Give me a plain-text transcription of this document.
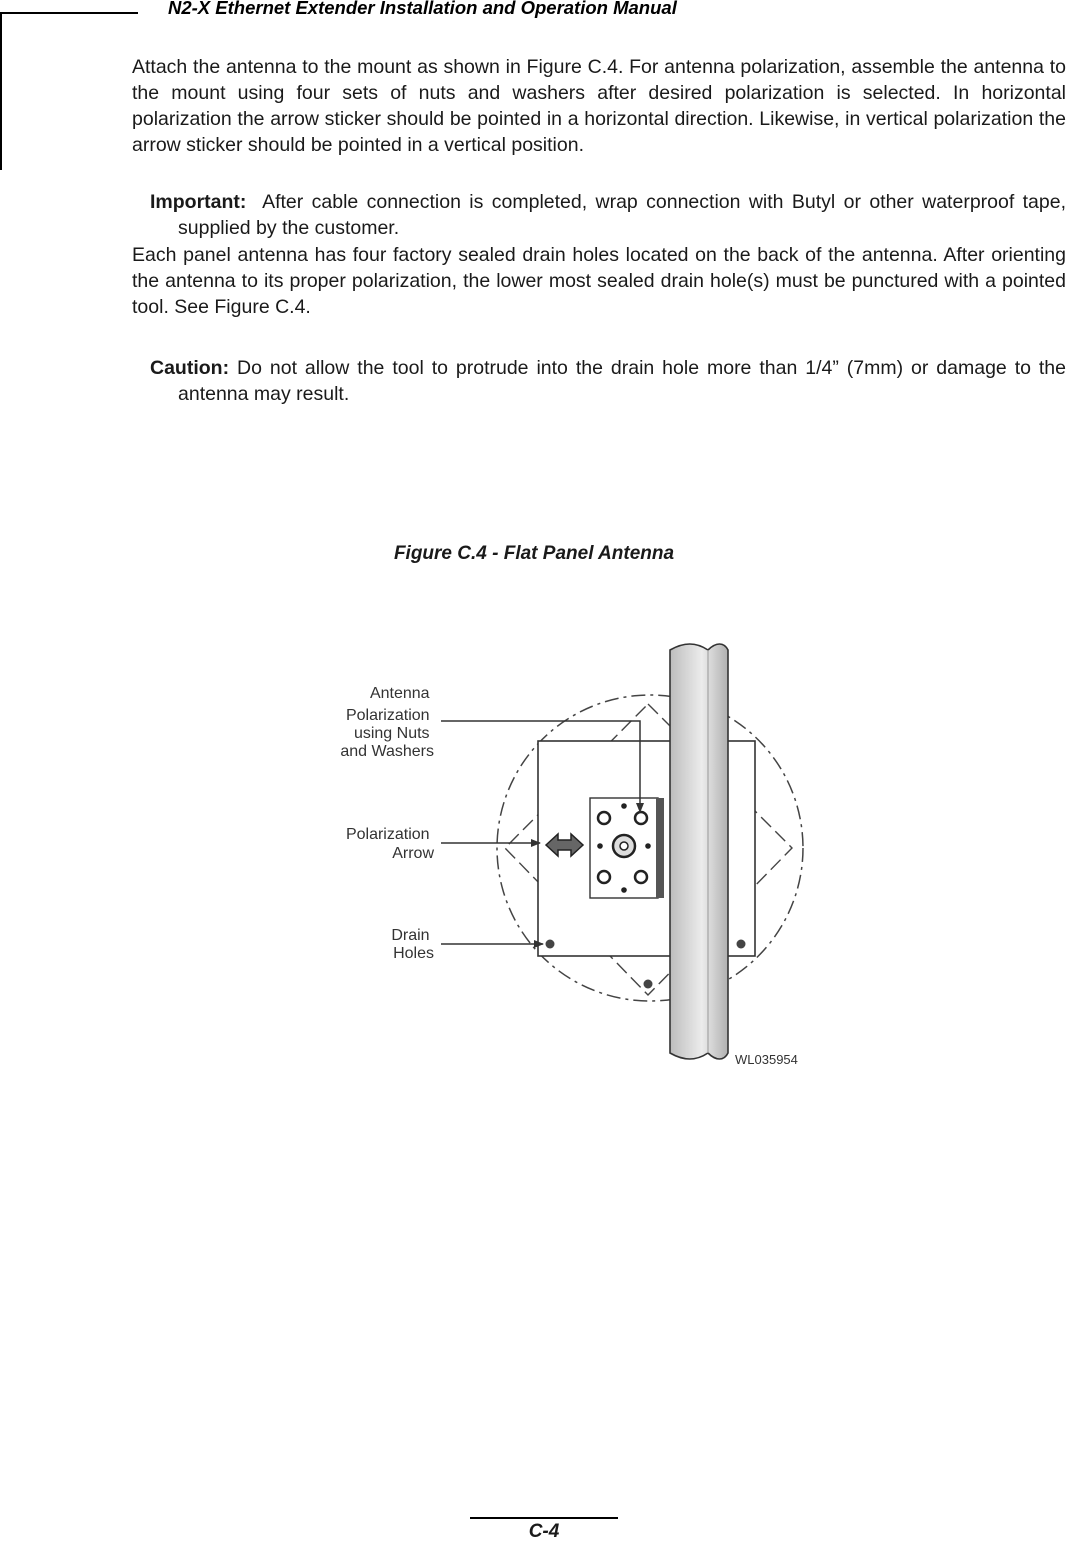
N2-X Ethernet Extender Installation and Operation Manual

Attach the antenna to the mount as shown in Figure C.4. For antenna polarization, assemble the antenna to the mount using four sets of nuts and washers after desired polarization is selected. In horizontal polarization the arrow sticker should be pointed in a horizontal direction. Likewise, in vertical polarization the arrow sticker should be pointed in a vertical position.

Important: After cable connection is completed, wrap connection with Butyl or other waterproof tape, supplied by the customer.

Each panel antenna has four factory sealed drain holes located on the back of the antenna. After orienting the antenna to its proper polarization, the lower most sealed drain hole(s) must be punctured with a pointed tool. See Figure C.4.

Caution: Do not allow the tool to protrude into the drain hole more than 1/4” (7mm) or damage to the antenna may result.

Figure C.4 - Flat Panel Antenna
Antenna Polarization using Nuts and Washers
Polarization Arrow
Drain Holes
WL035954
C-4
